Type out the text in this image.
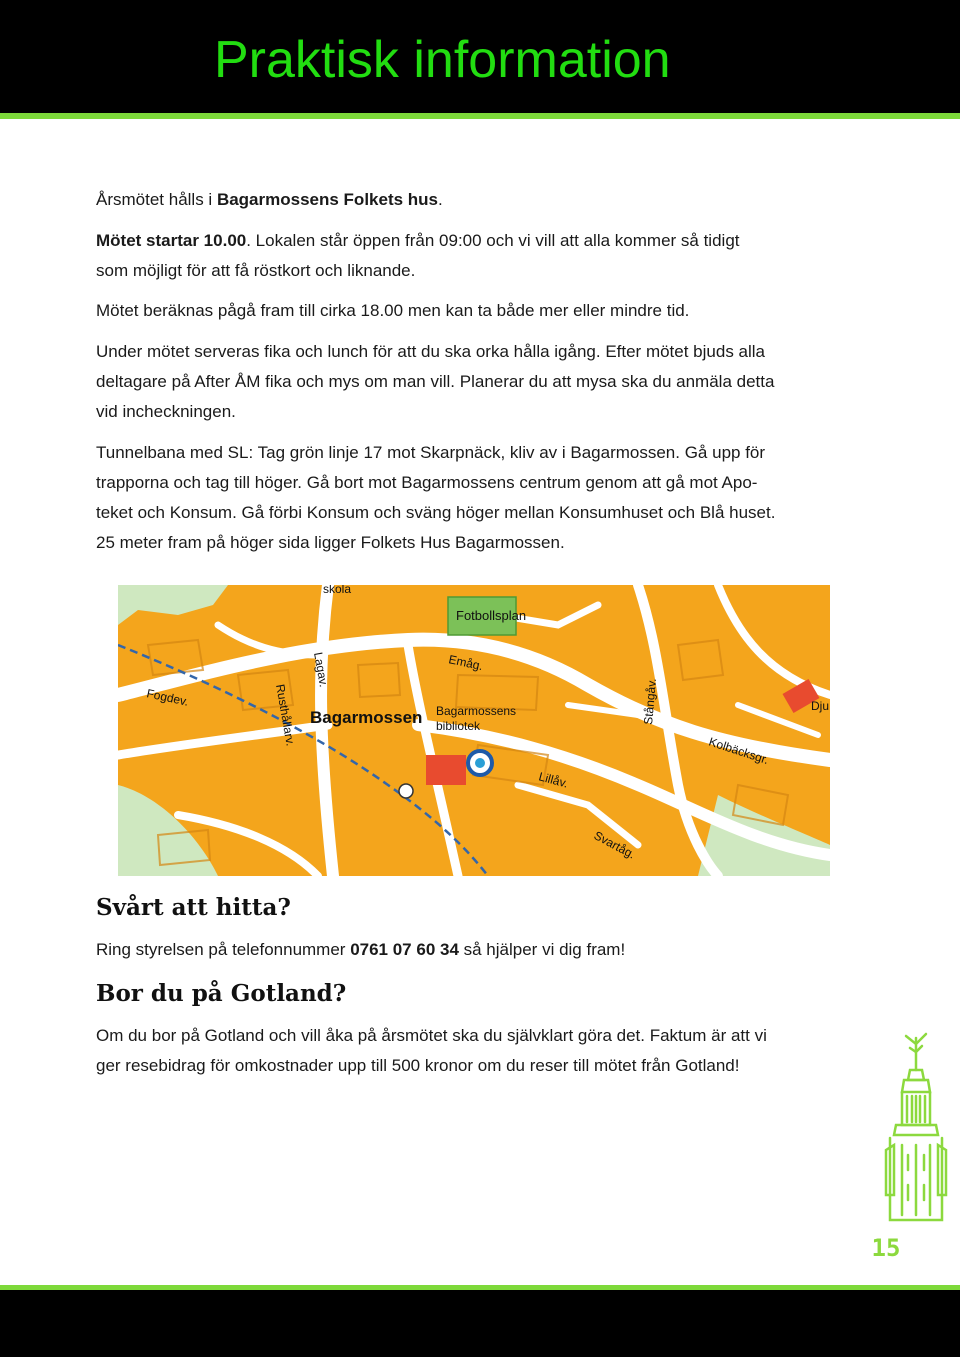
Praktisk information

Årsmötet hålls i Bagarmossens Folkets hus.

Mötet startar 10.00. Lokalen står öppen från 09:00 och vi vill att alla kommer så tidigt
som möjligt för att få röstkort och liknande.

Mötet beräknas pågå fram till cirka 18.00 men kan ta både mer eller mindre tid.

Under mötet serveras fika och lunch för att du ska orka hålla igång. Efter mötet bjuds alla
deltagare på After ÅM fika och mys om man vill. Planerar du att mysa ska du anmäla detta
vid incheckningen.

Tunnelbana med SL: Tag grön linje 17 mot Skarpnäck, kliv av i Bagarmossen. Gå upp för
trapporna och tag till höger. Gå bort mot Bagarmossens centrum genom att gå mot Apo-
teket och Konsum. Gå förbi Konsum och sväng höger mellan Konsumhuset och Blå huset.
25 meter fram på höger sida ligger Folkets Hus Bagarmossen.

skola
Fotbollsplan
Emåg.
Lagav.
Fogdev.	Rusthållarv. Bagarmossen Bagarmossens
bibliotek
Stångåv.
Kolbäcksgr.
Dju
Lillåv.
Svartåg.
Svårt att hitta?

Ring styrelsen på telefonnummer 0761 07 60 34 så hjälper vi dig fram!

Bor du på Gotland?

Om du bor på Gotland och vill åka på årsmötet ska du självklart göra det. Faktum är att vi
ger resebidrag för omkostnader upp till 500 kronor om du reser till mötet från Gotland!

15
